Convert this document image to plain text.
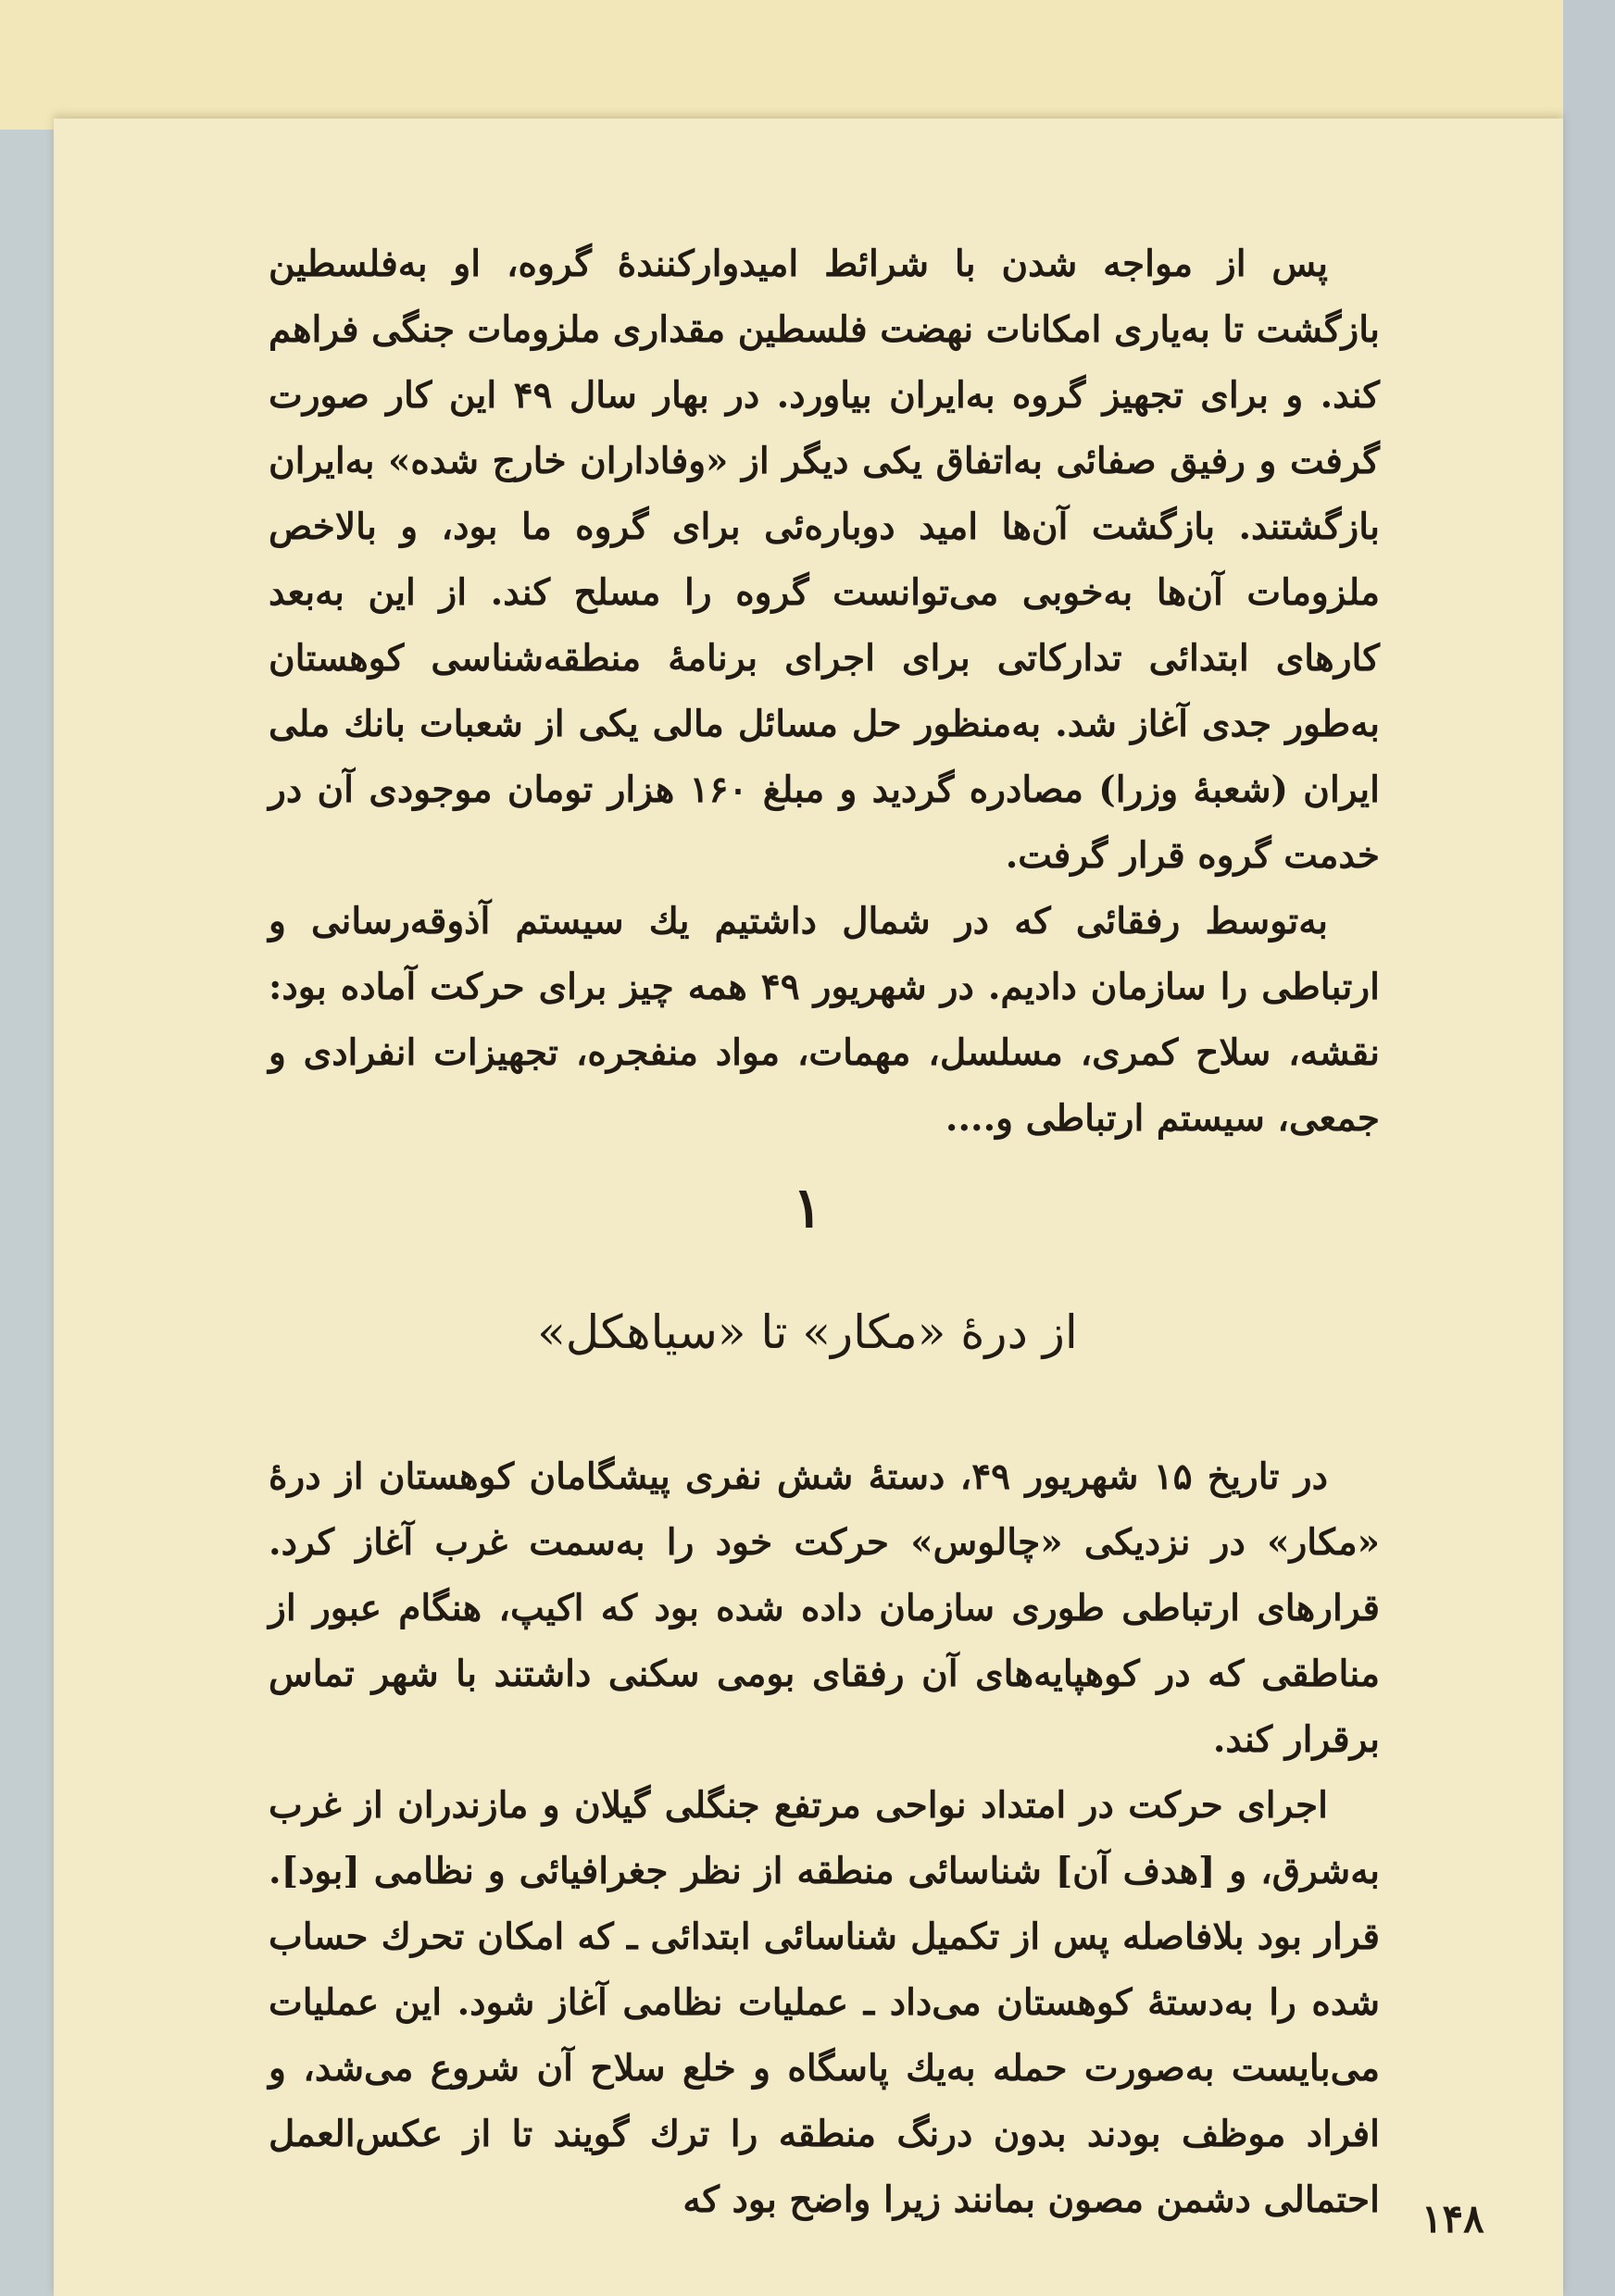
پس از مواجه شدن با شرائط امیدوارکنندهٔ گروه، او به‌فلسطین بازگشت تا به‌یاری امکانات نهضت فلسطین مقداری ملزومات جنگی فراهم کند. و برای تجهیز گروه به‌ایران بیاورد. در بهار سال ۴۹ این کار صورت گرفت و رفیق صفائی به‌اتفاق یکی دیگر از «وفاداران خارج شده» به‌ایران بازگشتند. بازگشت آن‌ها امید دوباره‌ئی برای گروه ما بود، و بالاخص ملزومات آن‌ها به‌خوبی می‌توانست گروه را مسلح کند. از این به‌بعد کارهای ابتدائی تدارکاتی برای اجرای برنامهٔ منطقه‌شناسی کوهستان به‌طور جدی آغاز شد. به‌منظور حل مسائل مالی یکی از شعبات بانك ملی ایران (شعبهٔ وزرا) مصادره گردید و مبلغ ۱۶۰ هزار تومان موجودی آن در خدمت گروه قرار گرفت.

به‌توسط رفقائی که در شمال داشتیم یك سیستم آذوقه‌رسانی و ارتباطی را سازمان دادیم. در شهریور ۴۹ همه چیز برای حرکت آماده بود: نقشه، سلاح کمری، مسلسل، مهمات، مواد منفجره، تجهیزات انفرادی و جمعی، سیستم ارتباطی و....

۱
از درهٔ «مکار» تا «سیاهکل»

در تاریخ ۱۵ شهریور ۴۹، دستهٔ شش نفری پیشگامان کوهستان از درهٔ «مکار» در نزدیکی «چالوس» حرکت خود را به‌سمت غرب آغاز کرد. قرارهای ارتباطی طوری سازمان داده شده بود که اکیپ، هنگام عبور از مناطقی که در کوهپایه‌های آن رفقای بومی سکنی داشتند با شهر تماس برقرار کند.

اجرای حرکت در امتداد نواحی مرتفع جنگلی گیلان و مازندران از غرب به‌شرق، و [هدف آن] شناسائی منطقه از نظر جغرافیائی و نظامی [بود]. قرار بود بلافاصله پس از تکمیل شناسائی ابتدائی ـ که امکان تحرك حساب شده را به‌دستهٔ کوهستان می‌داد ـ عملیات نظامی آغاز شود. این عملیات می‌بایست به‌صورت حمله به‌یك پاسگاه و خلع سلاح آن شروع می‌شد، و افراد موظف بودند بدون درنگ منطقه را ترك گویند تا از عکس‌العمل احتمالی دشمن مصون بمانند زیرا واضح بود که ۱۴۸
